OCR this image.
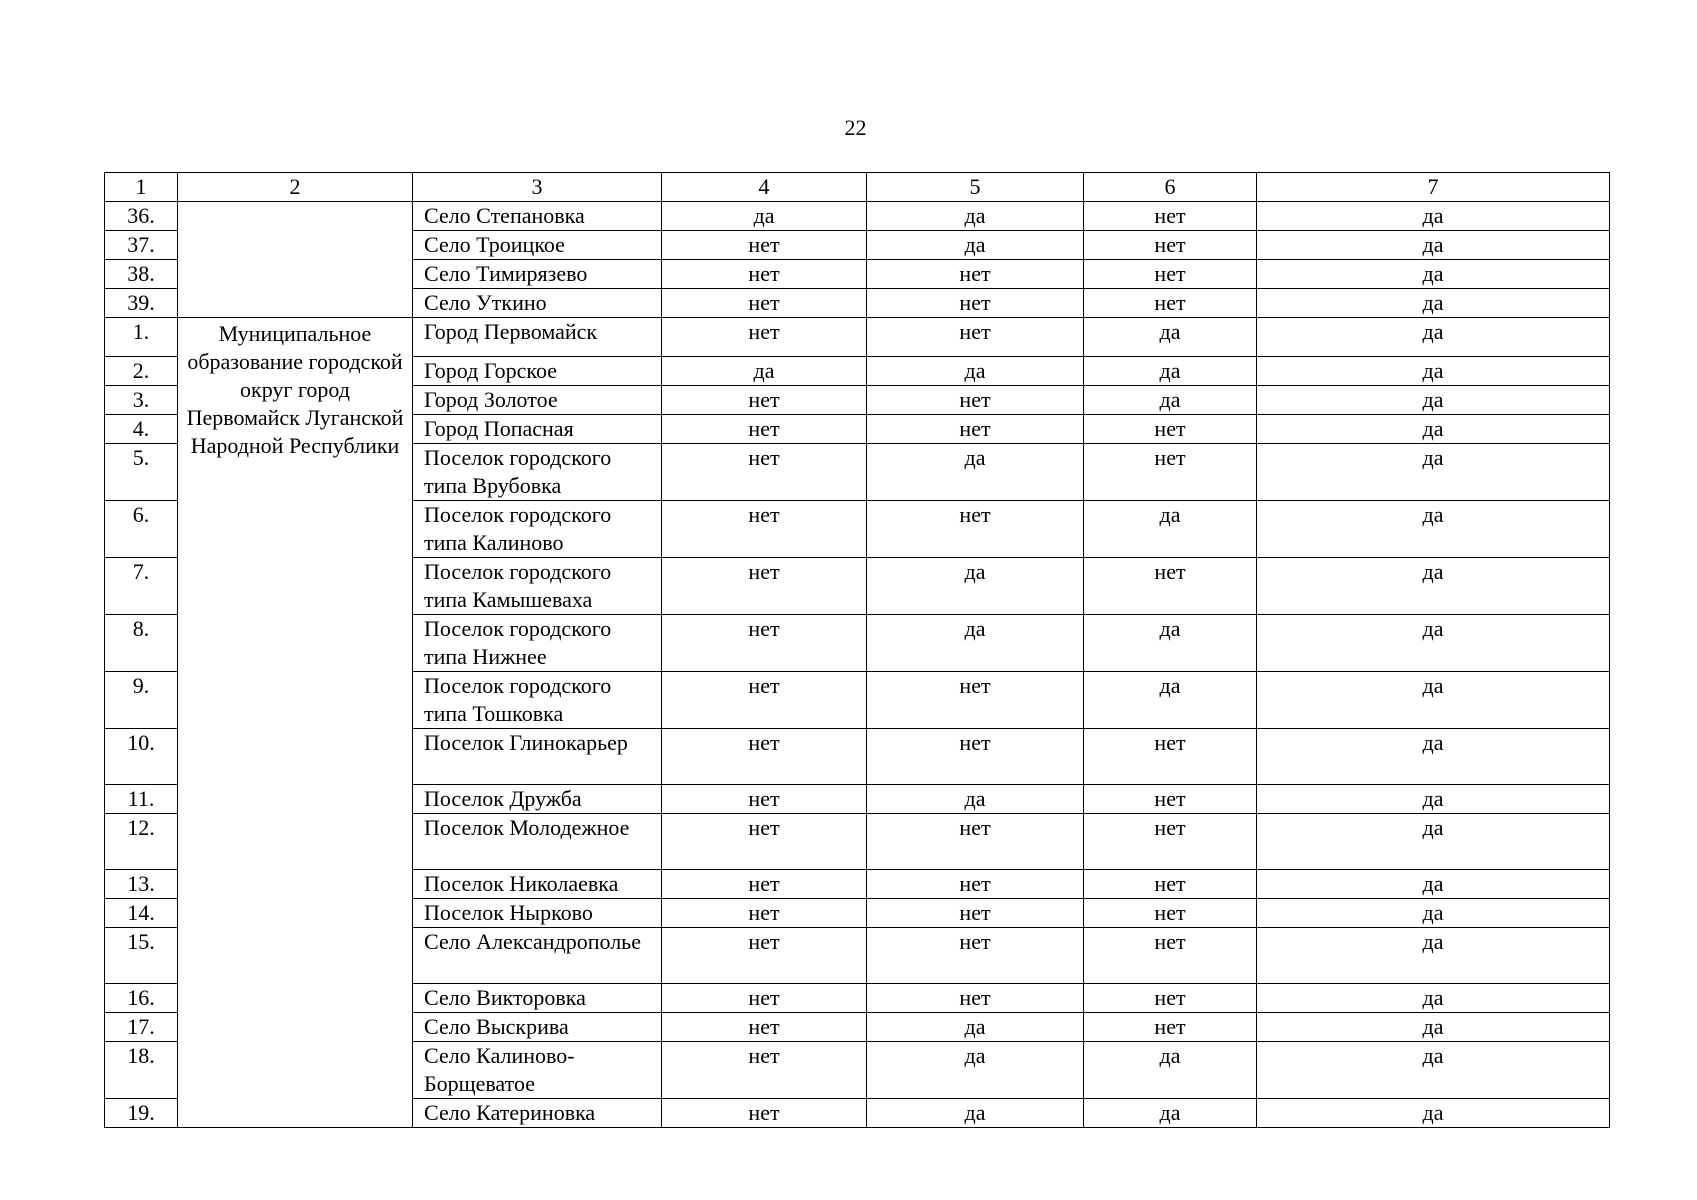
22
1	2	3	4	5	6	7
36.		Село Степановка	да	да	нет	да
37.		Село Троицкое	нет	да	нет	да
38.		Село Тимирязево	нет	нет	нет	да
39.		Село Уткино	нет	нет	нет	да
1.	Муниципальное образование городской округ город Первомайск Луганской Народной Республики	Город Первомайск	нет	нет	да	да
2.		Город Горское	да	да	да	да
3.		Город Золотое	нет	нет	да	да
4.		Город Попасная	нет	нет	нет	да
5.		Поселок городского типа Врубовка	нет	да	нет	да
6.		Поселок городского типа Калиново	нет	нет	да	да
7.		Поселок городского типа Камышеваха	нет	да	нет	да
8.		Поселок городского типа Нижнее	нет	да	да	да
9.		Поселок городского типа Тошковка	нет	нет	да	да
10.		Поселок Глинокарьер	нет	нет	нет	да
11.		Поселок Дружба	нет	да	нет	да
12.		Поселок Молодежное	нет	нет	нет	да
13.		Поселок Николаевка	нет	нет	нет	да
14.		Поселок Нырково	нет	нет	нет	да
15.		Село Александрополье	нет	нет	нет	да
16.		Село Викторовка	нет	нет	нет	да
17.		Село Выскрива	нет	да	нет	да
18.		Село Калиново-Борщеватое	нет	да	да	да
19.		Село Катериновка	нет	да	да	да
